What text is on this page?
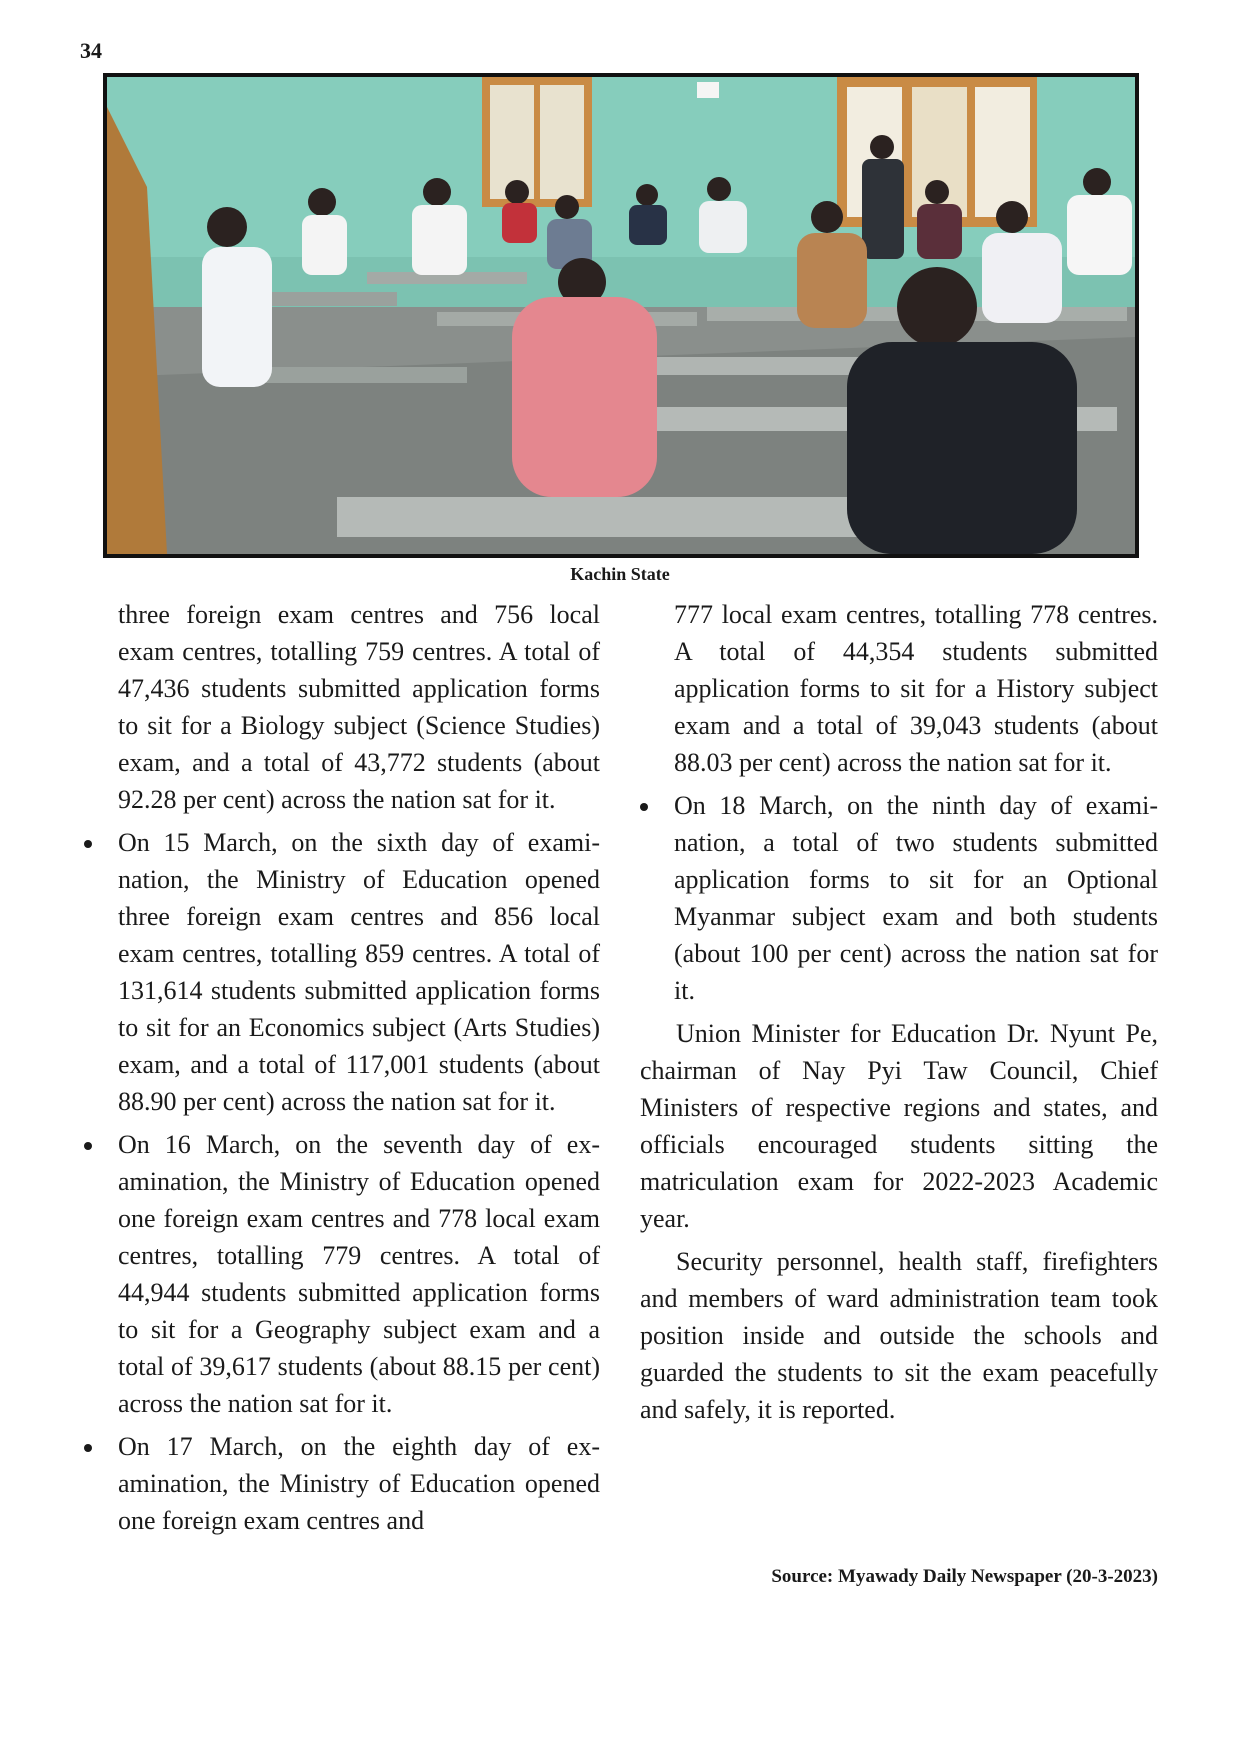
34
Kachin State

three foreign exam centres and 756 local exam centres, totalling 759 centres. A total of 47,436 students submitted application forms to sit for a Biology subject (Science Studies) exam, and a total of 43,772 students (about 92.28 per cent) across the nation sat for it.

On 15 March, on the sixth day of examination, the Ministry of Education opened three foreign exam centres and 856 local exam centres, totalling 859 centres. A total of 131,614 students submitted application forms to sit for an Economics subject (Arts Studies) exam, and a total of 117,001 students (about 88.90 per cent) across the nation sat for it.
On 16 March, on the seventh day of examination, the Ministry of Education opened one foreign exam centres and 778 local exam centres, totalling 779 centres. A total of 44,944 students submitted application forms to sit for a Geography subject exam and a total of 39,617 students (about 88.15 per cent) across the nation sat for it.
On 17 March, on the eighth day of examination, the Ministry of Education opened one foreign exam centres and

777 local exam centres, totalling 778 centres. A total of 44,354 students submitted application forms to sit for a History subject exam and a total of 39,043 students (about 88.03 per cent) across the nation sat for it.

On 18 March, on the ninth day of examination, a total of two students submitted application forms to sit for an Optional Myanmar subject exam and both students (about 100 per cent) across the nation sat for it.

Union Minister for Education Dr. Nyunt Pe, chairman of Nay Pyi Taw Council, Chief Ministers of respective regions and states, and officials encouraged students sitting the matriculation exam for 2022-2023 Academic year.

Security personnel, health staff, firefighters and members of ward administration team took position inside and outside the schools and guarded the students to sit the exam peacefully and safely, it is reported.

Source: Myawady Daily Newspaper (20-3-2023)
